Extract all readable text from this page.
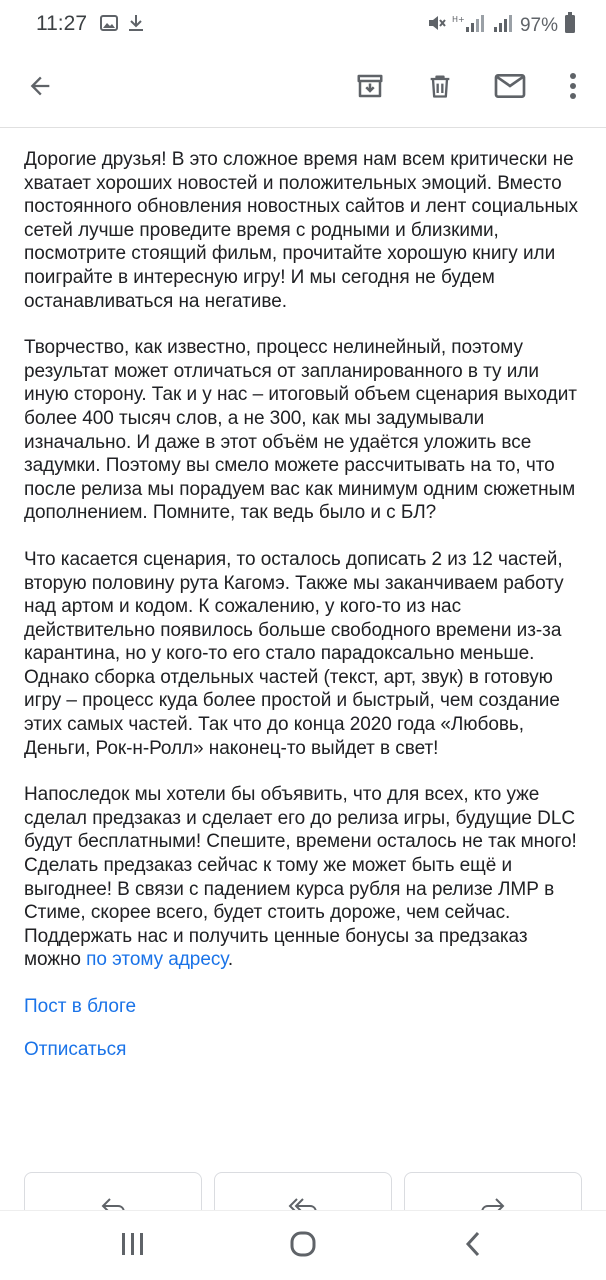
11:27	H+	97%

Дорогие друзья! В это сложное время нам всем критически не хватает хороших новостей и положительных эмоций. Вместо постоянного обновления новостных сайтов и лент социальных сетей лучше проведите время с родными и близкими, посмотрите стоящий фильм, прочитайте хорошую книгу или поиграйте в интересную игру! И мы сегодня не будем останавливаться на негативе.

Творчество, как известно, процесс нелинейный, поэтому результат может отличаться от запланированного в ту или иную сторону. Так и у нас – итоговый объем сценария выходит более 400 тысяч слов, а не 300, как мы задумывали изначально. И даже в этот объём не удаётся уложить все задумки. Поэтому вы смело можете рассчитывать на то, что после релиза мы порадуем вас как минимум одним сюжетным дополнением. Помните, так ведь было и с БЛ?

Что касается сценария, то осталось дописать 2 из 12 частей, вторую половину рута Кагомэ. Также мы заканчиваем работу над артом и кодом. К сожалению, у кого-то из нас действительно появилось больше свободного времени из-за карантина, но у кого-то его стало парадоксально меньше. Однако сборка отдельных частей (текст, арт, звук) в готовую игру – процесс куда более простой и быстрый, чем создание этих самых частей. Так что до конца 2020 года «Любовь, Деньги, Рок-н-Ролл» наконец-то выйдет в свет!

Напоследок мы хотели бы объявить, что для всех, кто уже сделал предзаказ и сделает его до релиза игры, будущие DLC будут бесплатными! Спешите, времени осталось не так много! Сделать предзаказ сейчас к тому же может быть ещё и выгоднее! В связи с падением курса рубля на релизе ЛМР в Стиме, скорее всего, будет стоить дороже, чем сейчас. Поддержать нас и получить ценные бонусы за предзаказ можно по этому адресу.

Пост в блоге
Отписаться
